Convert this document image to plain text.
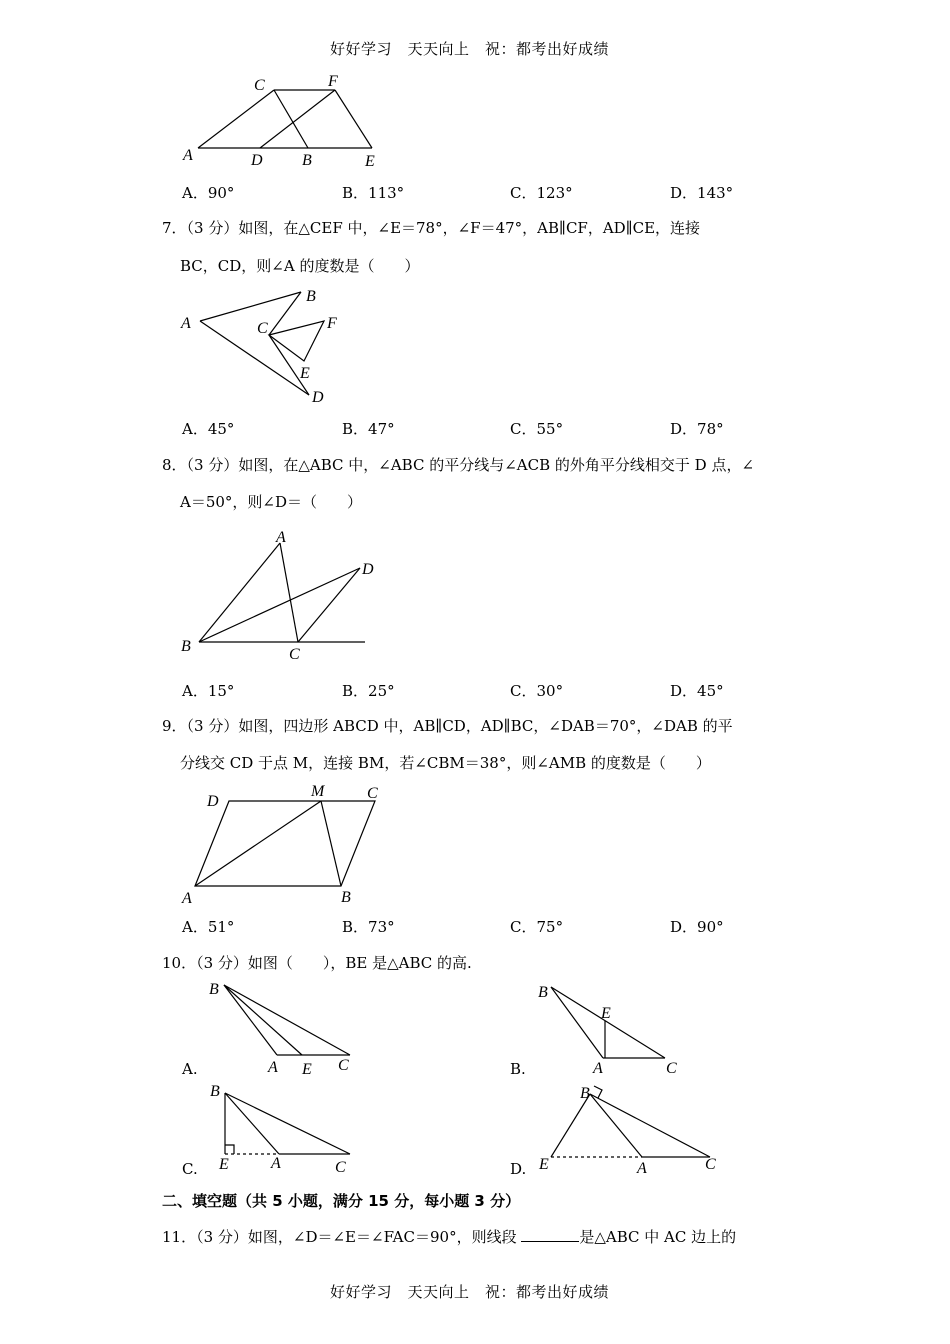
好好学习　天天向上　祝：都考出好成绩
C	F
A	D B	E
A．90°	B．113°	C．123°	D．143°
7．（3 分）如图，在△CEF 中，∠E＝78°，∠F＝47°，AB∥CF，AD∥CE，连接
BC，CD，则∠A 的度数是（　　）
A
B
C	F
E
D
A．45°	B．47°	C．55°	D．78°
8．（3 分）如图，在△ABC 中，∠ABC 的平分线与∠ACB 的外角平分线相交于 D 点，∠
A＝50°，则∠D＝（　　）
A
D
B	C
A．15°	B．25°	C．30°	D．45°
9．（3 分）如图，四边形 ABCD 中，AB∥CD，AD∥BC，∠DAB＝70°，∠DAB 的平
分线交 CD 于点 M，连接 BM，若∠CBM＝38°，则∠AMB 的度数是（　　）
D
M	C
A	B
A．51°	B．73°	C．75°	D．90°
10．（3 分）如图（　　），BE 是△ABC 的高.
B
A E C
A.
B
E
A	C
B.
B
E	A	C
C.
B
E	A	C
D.
二、填空题（共 5 小题，满分 15 分，每小题 3 分）
11．（3 分）如图，∠D＝∠E＝∠FAC＝90°，则线段	是△ABC 中 AC 边上的
好好学习　天天向上　祝：都考出好成绩
